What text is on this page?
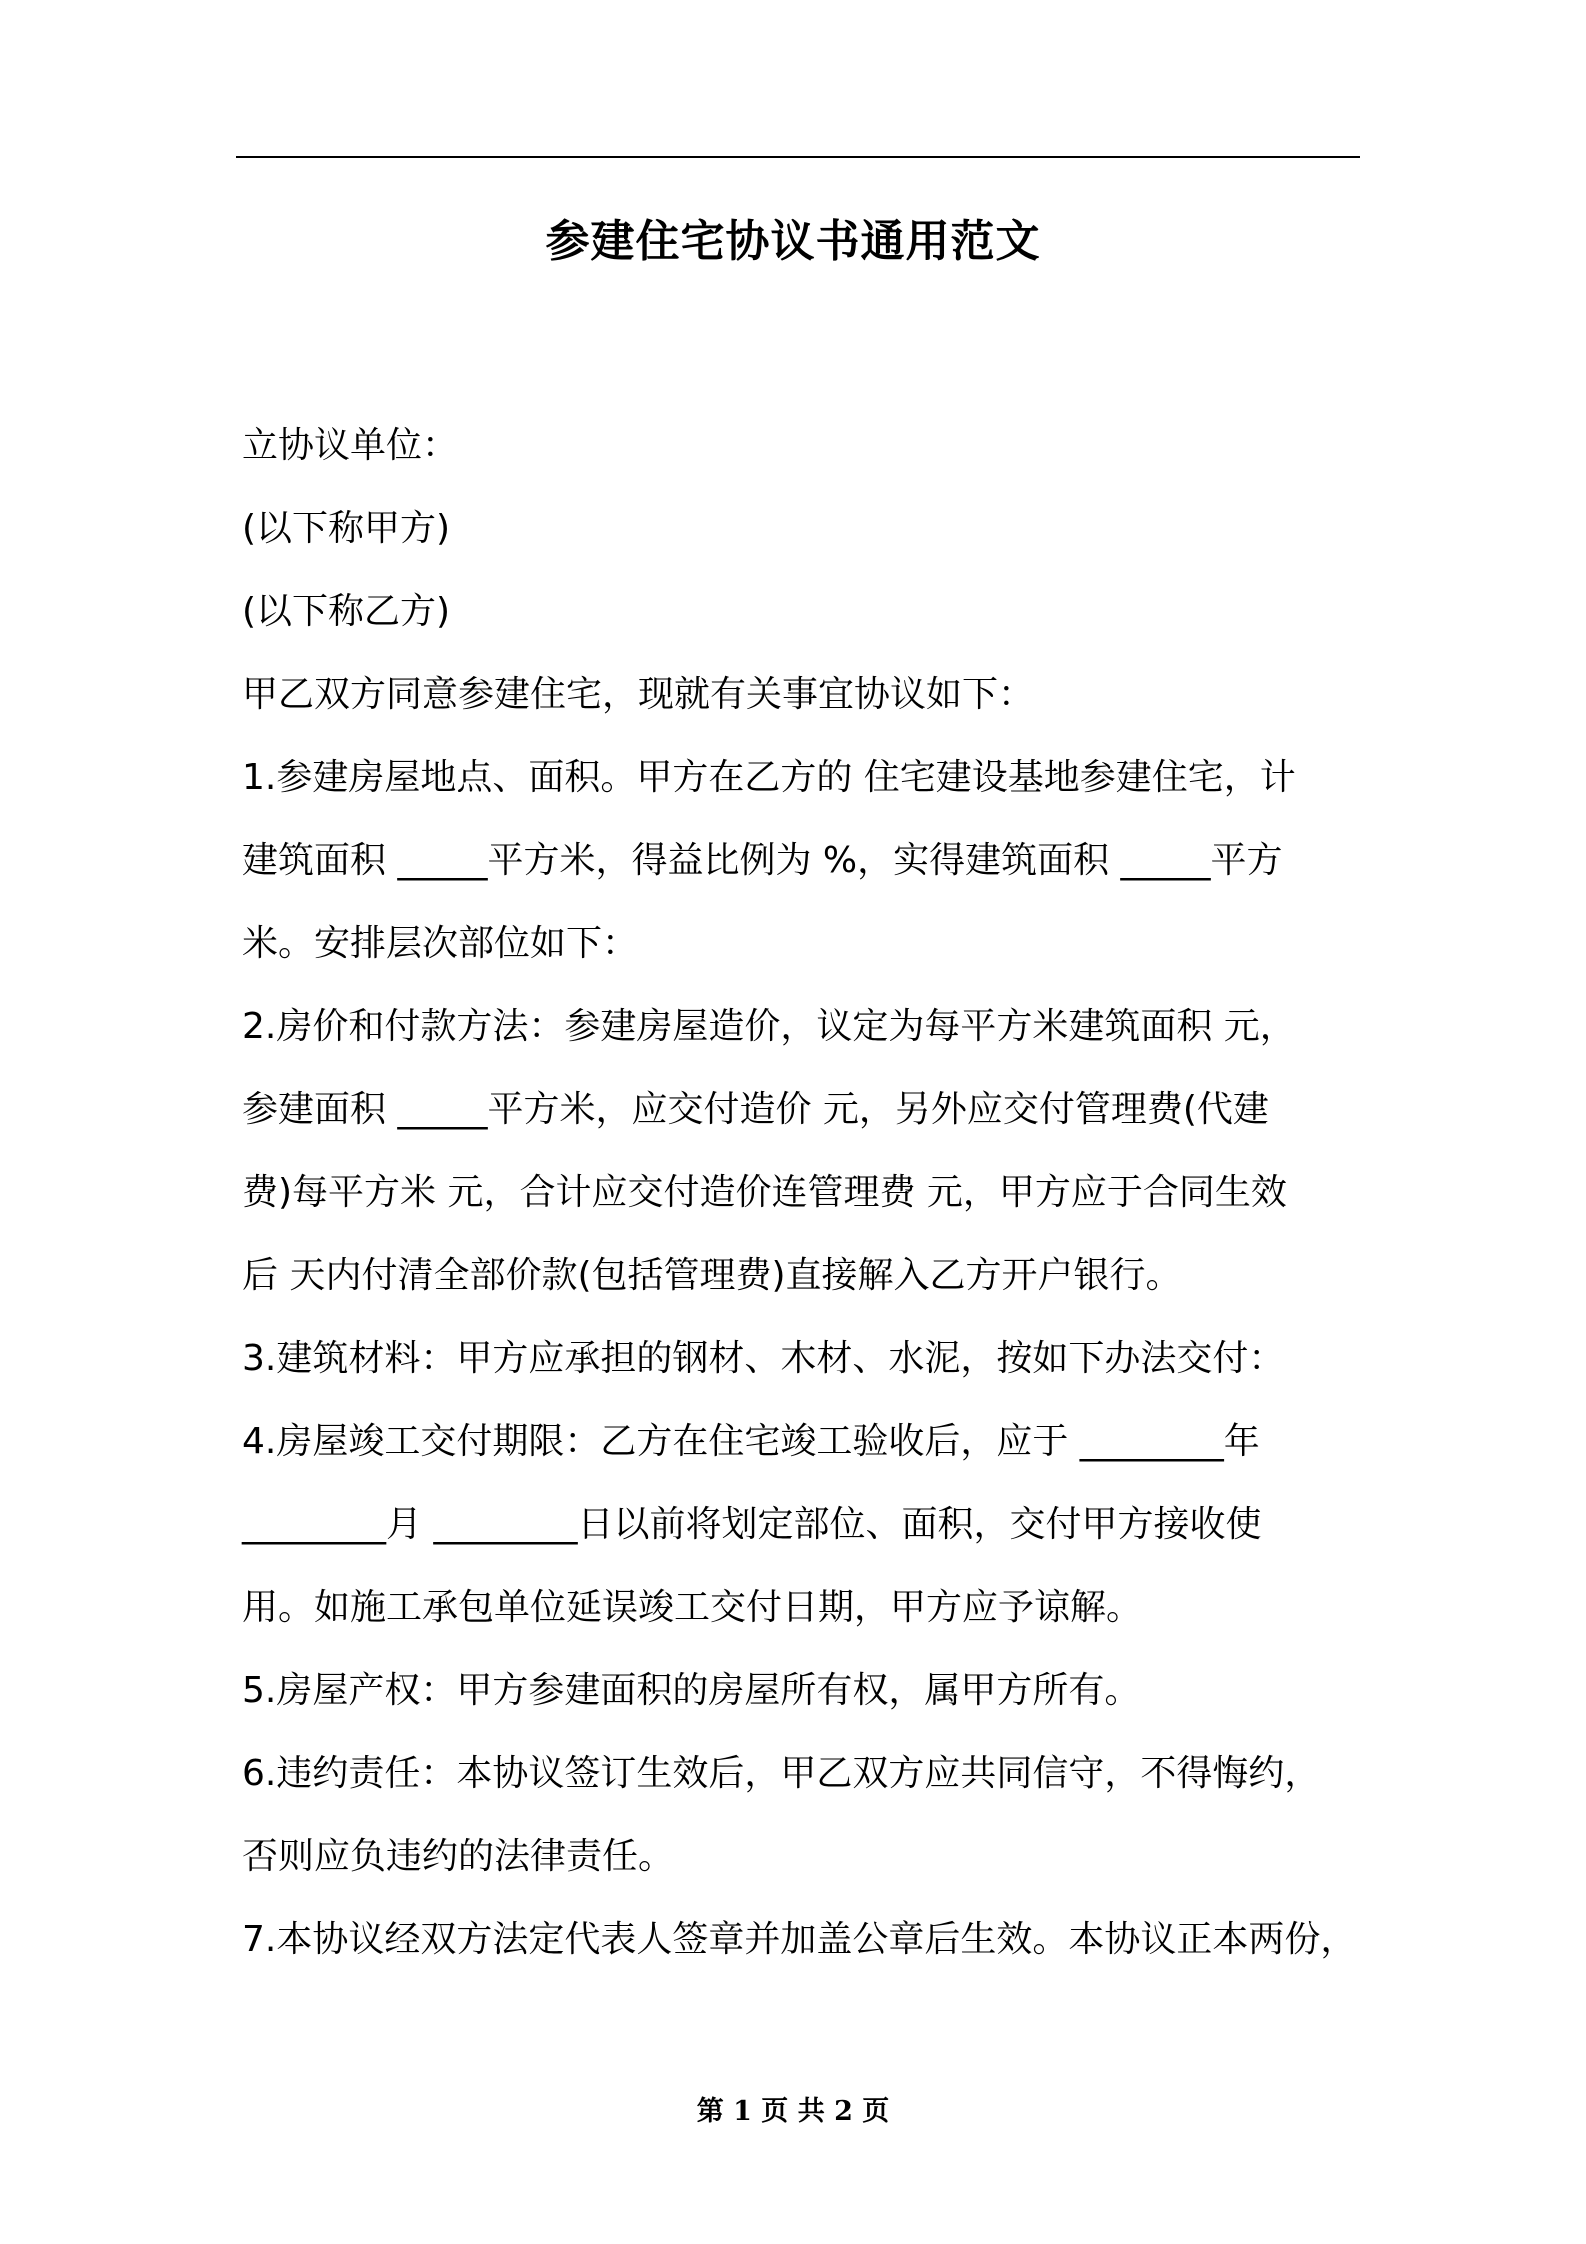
参建住宅协议书通用范文

立协议单位：

(以下称甲方)

(以下称乙方)

甲乙双方同意参建住宅，现就有关事宜协议如下：

1.参建房屋地点、面积。甲方在乙方的 住宅建设基地参建住宅，计

建筑面积 _____平方米，得益比例为 %，实得建筑面积 _____平方

米。安排层次部位如下：

2.房价和付款方法：参建房屋造价，议定为每平方米建筑面积 元，

参建面积 _____平方米，应交付造价 元，另外应交付管理费(代建

费)每平方米 元，合计应交付造价连管理费 元，甲方应于合同生效

后 天内付清全部价款(包括管理费)直接解入乙方开户银行。

3.建筑材料：甲方应承担的钢材、木材、水泥，按如下办法交付：

4.房屋竣工交付期限：乙方在住宅竣工验收后，应于 ________年

________月 ________日以前将划定部位、面积，交付甲方接收使

用。如施工承包单位延误竣工交付日期，甲方应予谅解。

5.房屋产权：甲方参建面积的房屋所有权，属甲方所有。

6.违约责任：本协议签订生效后，甲乙双方应共同信守，不得悔约，

否则应负违约的法律责任。

7.本协议经双方法定代表人签章并加盖公章后生效。本协议正本两份，

第 1 页 共 2 页
